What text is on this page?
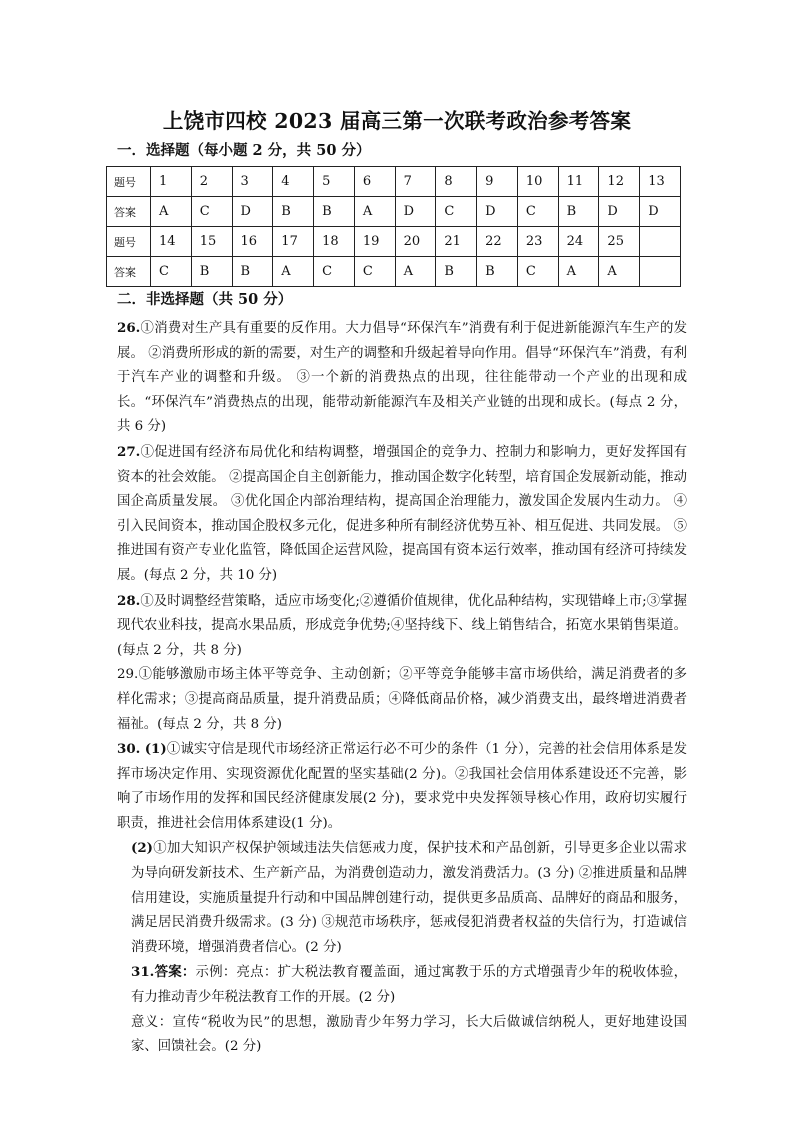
上饶市四校 2023 届高三第一次联考政治参考答案
一．选择题（每小题 2 分，共 50 分）
题号	1	2	3	4	5	6	7	8	9	10	11	12	13
答案	A	C	D	B	B	A	D	C	D	C	B	D	D
题号	14	15	16	17	18	19	20	21	22	23	24	25	
答案	C	B	B	A	C	C	A	B	B	C	A	A	
二．非选择题（共 50 分）

26.①消费对生产具有重要的反作用。大力倡导“环保汽车”消费有利于促进新能源汽车生产的发展。 ②消费所形成的新的需要，对生产的调整和升级起着导向作用。倡导“环保汽车”消费，有利于汽车产业的调整和升级。 ③一个新的消费热点的出现，往往能带动一个产业的出现和成长。“环保汽车”消费热点的出现，能带动新能源汽车及相关产业链的出现和成长。(每点 2 分，共 6 分)

27.①促进国有经济布局优化和结构调整，增强国企的竞争力、控制力和影响力，更好发挥国有资本的社会效能。 ②提高国企自主创新能力，推动国企数字化转型，培育国企发展新动能，推动国企高质量发展。 ③优化国企内部治理结构，提高国企治理能力，激发国企发展内生动力。 ④引入民间资本，推动国企股权多元化，促进多种所有制经济优势互补、相互促进、共同发展。 ⑤推进国有资产专业化监管，降低国企运营风险，提高国有资本运行效率，推动国有经济可持续发展。(每点 2 分，共 10 分)

28.①及时调整经营策略，适应市场变化;②遵循价值规律，优化品种结构，实现错峰上市;③掌握现代农业科技，提高水果品质，形成竞争优势;④坚持线下、线上销售结合，拓宽水果销售渠道。(每点 2 分，共 8 分)

29.①能够激励市场主体平等竞争、主动创新；②平等竞争能够丰富市场供给，满足消费者的多样化需求；③提高商品质量，提升消费品质；④降低商品价格，减少消费支出，最终增进消费者福祉。(每点 2 分，共 8 分)

30. (1)①诚实守信是现代市场经济正常运行必不可少的条件（1 分），完善的社会信用体系是发挥市场决定作用、实现资源优化配置的坚实基础(2 分)。②我国社会信用体系建设还不完善，影响了市场作用的发挥和国民经济健康发展(2 分)，要求党中央发挥领导核心作用，政府切实履行职责，推进社会信用体系建设(1 分)。

(2)①加大知识产权保护领域违法失信惩戒力度，保护技术和产品创新，引导更多企业以需求为导向研发新技术、生产新产品，为消费创造动力，激发消费活力。(3 分) ②推进质量和品牌信用建设，实施质量提升行动和中国品牌创建行动，提供更多品质高、品牌好的商品和服务，满足居民消费升级需求。(3 分) ③规范市场秩序，惩戒侵犯消费者权益的失信行为，打造诚信消费环境，增强消费者信心。(2 分)

31.答案：示例：亮点：扩大税法教育覆盖面，通过寓教于乐的方式增强青少年的税收体验，有力推动青少年税法教育工作的开展。(2 分)

意义：宣传“税收为民”的思想，激励青少年努力学习，长大后做诚信纳税人，更好地建设国家、回馈社会。(2 分)
